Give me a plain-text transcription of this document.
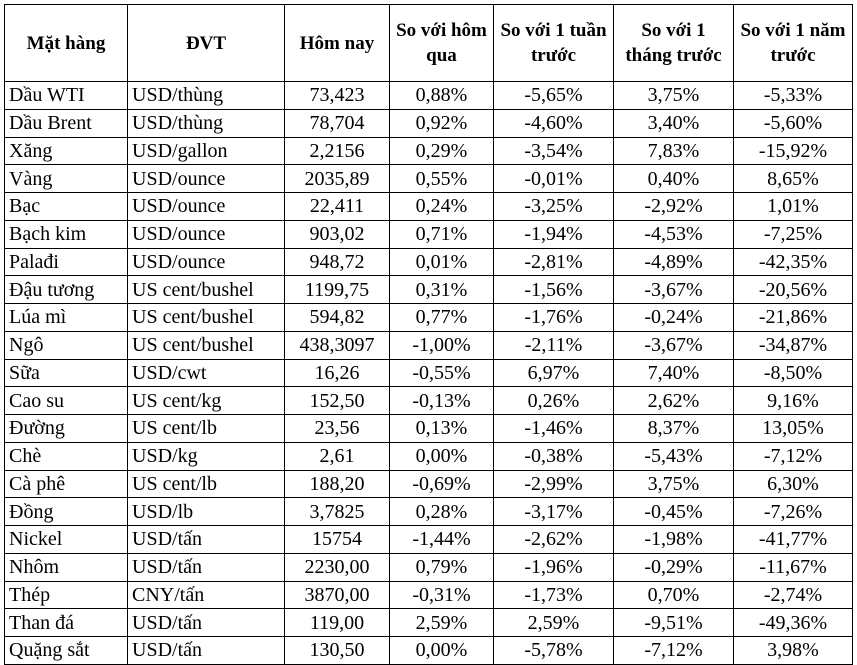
Mặt hàng	ĐVT	Hôm nay	So với hôm qua	So với 1 tuần trước	So với 1 tháng trước	So với 1 năm trước
Dầu WTI	USD/thùng	73,423	0,88%	-5,65%	3,75%	-5,33%
Dầu Brent	USD/thùng	78,704	0,92%	-4,60%	3,40%	-5,60%
Xăng	USD/gallon	2,2156	0,29%	-3,54%	7,83%	-15,92%
Vàng	USD/ounce	2035,89	0,55%	-0,01%	0,40%	8,65%
Bạc	USD/ounce	22,411	0,24%	-3,25%	-2,92%	1,01%
Bạch kim	USD/ounce	903,02	0,71%	-1,94%	-4,53%	-7,25%
Palađi	USD/ounce	948,72	0,01%	-2,81%	-4,89%	-42,35%
Đậu tương	US cent/bushel	1199,75	0,31%	-1,56%	-3,67%	-20,56%
Lúa mì	US cent/bushel	594,82	0,77%	-1,76%	-0,24%	-21,86%
Ngô	US cent/bushel	438,3097	-1,00%	-2,11%	-3,67%	-34,87%
Sữa	USD/cwt	16,26	-0,55%	6,97%	7,40%	-8,50%
Cao su	US cent/kg	152,50	-0,13%	0,26%	2,62%	9,16%
Đường	US cent/lb	23,56	0,13%	-1,46%	8,37%	13,05%
Chè	USD/kg	2,61	0,00%	-0,38%	-5,43%	-7,12%
Cà phê	US cent/lb	188,20	-0,69%	-2,99%	3,75%	6,30%
Đồng	USD/lb	3,7825	0,28%	-3,17%	-0,45%	-7,26%
Nickel	USD/tấn	15754	-1,44%	-2,62%	-1,98%	-41,77%
Nhôm	USD/tấn	2230,00	0,79%	-1,96%	-0,29%	-11,67%
Thép	CNY/tấn	3870,00	-0,31%	-1,73%	0,70%	-2,74%
Than đá	USD/tấn	119,00	2,59%	2,59%	-9,51%	-49,36%
Quặng sắt	USD/tấn	130,50	0,00%	-5,78%	-7,12%	3,98%
